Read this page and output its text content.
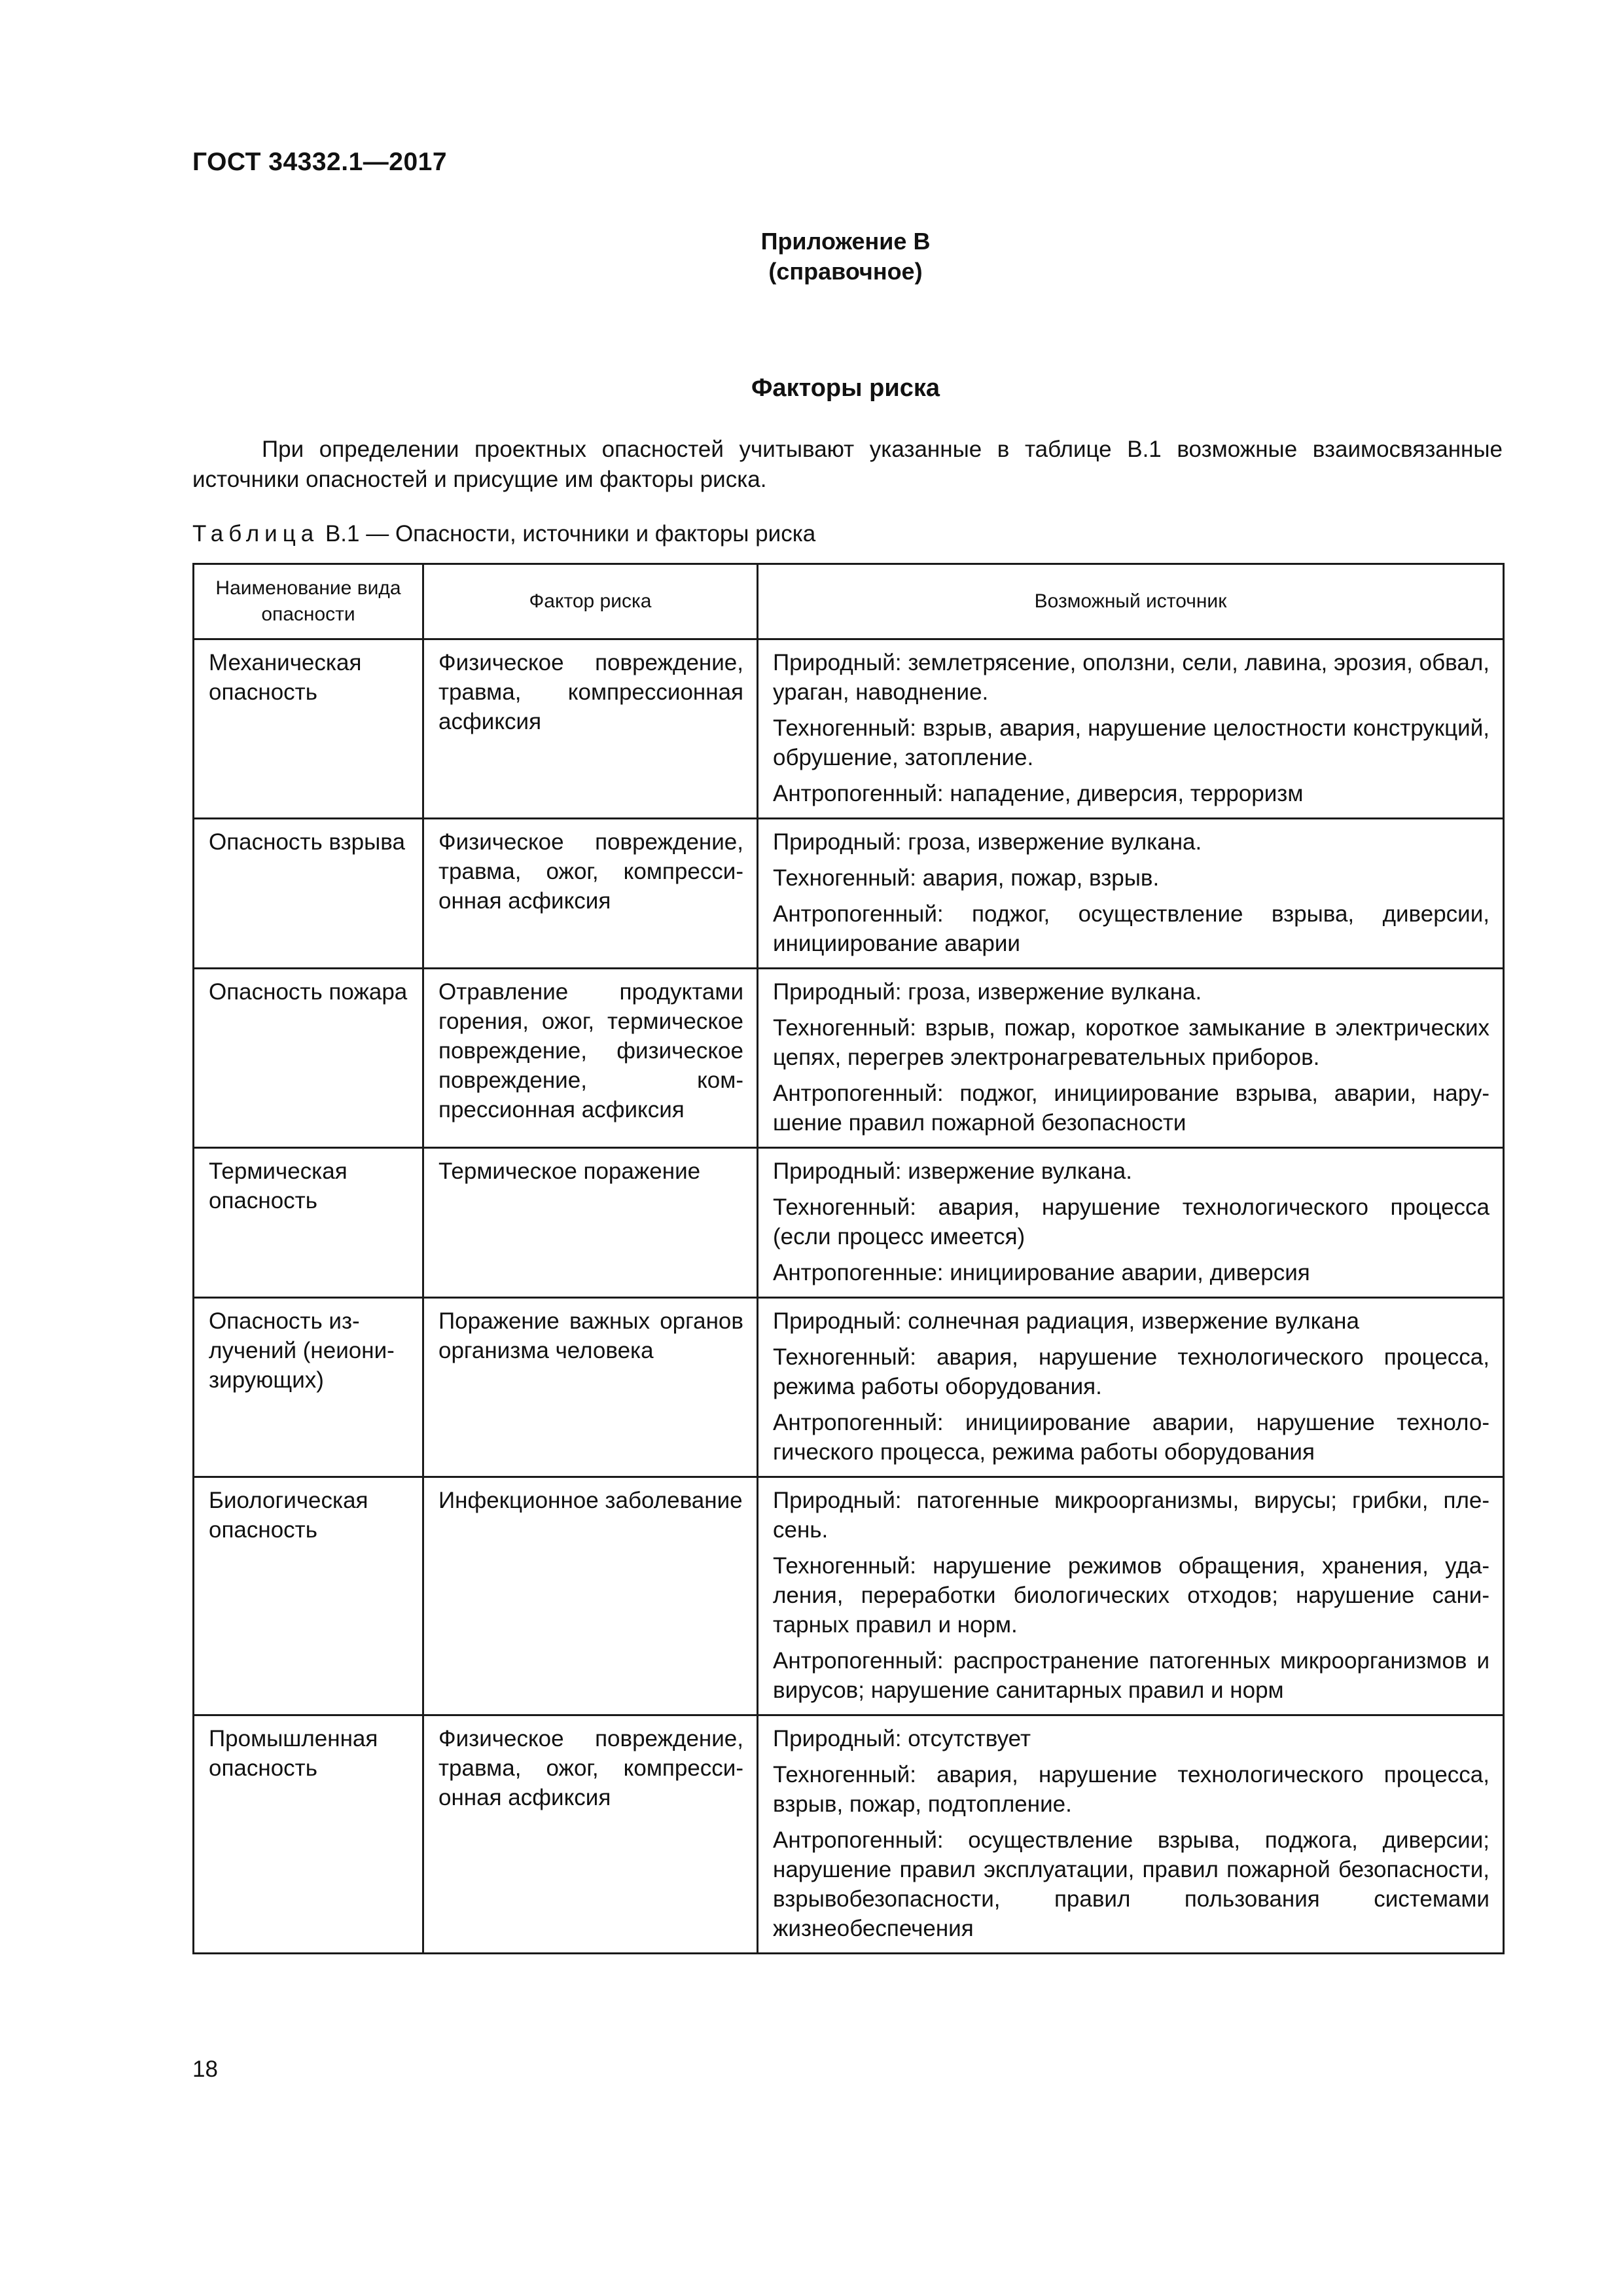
ГОСТ 34332.1—2017
Приложение В
(справочное)
Факторы риска

При определении проектных опасностей учитывают указанные в таблице В.1 возможные взаимосвязанные источники опасностей и присущие им факторы риска.

Таблица В.1 — Опасности, источники и факторы риска
Наименование вида опасности	Фактор риска	Возможный источник
Механическая опасность	Физическое повреждение, травма, компрессионная асфиксия	Природный: землетрясение, оползни, сели, лавина, эрозия, обвал, ураган, наводнение.
Техногенный: взрыв, авария, нарушение целостности конструкций, обрушение, затопление.
Антропогенный: нападение, диверсия, терроризм

Опасность взрыва	Физическое повреждение, травма, ожог, компрессионная асфиксия	Природный: гроза, извержение вулкана.
Техногенный: авария, пожар, взрыв.
Антропогенный: поджог, осуществление взрыва, диверсии, инициирование аварии

Опасность пожара	Отравление продуктами горения, ожог, термическое повреждение, физическое повреждение, компрессионная асфиксия	Природный: гроза, извержение вулкана.
Техногенный: взрыв, пожар, короткое замыкание в электрических цепях, перегрев электронагревательных приборов.
Антропогенный: поджог, инициирование взрыва, аварии, нарушение правил пожарной безопасности

Термическая опасность	Термическое поражение	Природный: извержение вулкана.
Техногенный: авария, нарушение технологического процесса (если процесс имеется)
Антропогенные: инициирование аварии, диверсия

Опасность излучений (неионизирующих)	Поражение важных органов организма человека	Природный: солнечная радиация, извержение вулкана
Техногенный: авария, нарушение технологического процесса, режима работы оборудования.
Антропогенный: инициирование аварии, нарушение технологического процесса, режима работы оборудования

Биологическая опасность	Инфекционное заболевание	Природный: патогенные микроорганизмы, вирусы; грибки, плесень.
Техногенный: нарушение режимов обращения, хранения, удаления, переработки биологических отходов; нарушение санитарных правил и норм.
Антропогенный: распространение патогенных микроорганизмов и вирусов; нарушение санитарных правил и норм

Промышленная опасность	Физическое повреждение, травма, ожог, компрессионная асфиксия	Природный: отсутствует
Техногенный: авария, нарушение технологического процесса, взрыв, пожар, подтопление.
Антропогенный: осуществление взрыва, поджога, диверсии; нарушение правил эксплуатации, правил пожарной безопасности, взрывобезопасности, правил пользования системами жизнеобеспечения
18
